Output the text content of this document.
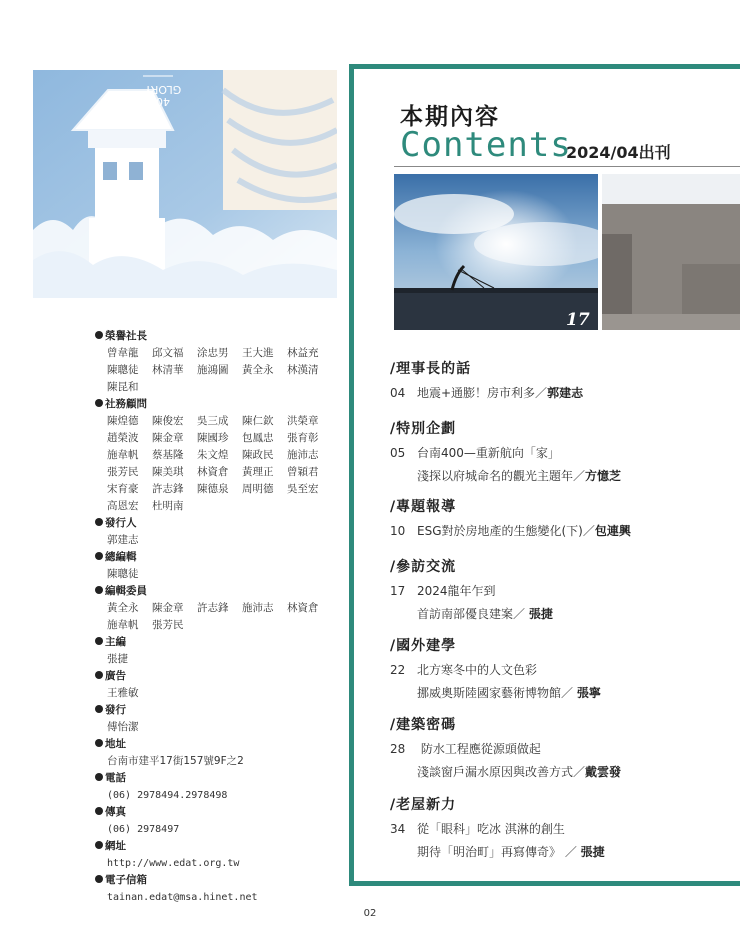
GLORY
40
榮譽社長
曾韋龍	邱文福	涂忠男	王大進	林益充
陳聰徒	林清華	施鴻圖	黃全永	林漢清
陳昆和
社務顧問
陳煌德	陳俊宏	吳三成	陳仁欽	洪榮章
趙榮波	陳金章	陳國珍	包鳳忠	張育彰
施韋帆	蔡基隆	朱文煌	陳政民	施沛志
張芳民	陳美琪	林資倉	黃理正	曾穎君
宋育豪	許志鋒	陳德泉	周明德	吳至宏
高恩宏	杜明南
發行人
郭建志
總編輯
陳聰徒
編輯委員
黃全永	陳金章	許志鋒	施沛志	林資倉
施韋帆	張芳民
主編
張捷
廣告
王雅敏
發行
傅怡潔
地址
台南市建平17街157號9F之2
電話
(06) 2978494.2978498
傳真
(06) 2978497
網址
http://www.edat.org.tw
電子信箱
tainan.edat@msa.hinet.net
本期內容
Contents
2024/04出刊
17
/理事長的話
04 地震+通膨！房市利多／郭建志
/特別企劃
05 台南400—重新航向「家」
淺探以府城命名的觀光主題年／方憶芝
/專題報導
10 ESG對於房地產的生態變化(下)／包連興
/參訪交流
17 2024龍年乍到
首訪南部優良建案／ 張捷
/國外建學
22 北方寒冬中的人文色彩
挪威奧斯陸國家藝術博物館／ 張寧
/建築密碼
28 防水工程應從源頭做起
淺談窗戶漏水原因與改善方式／戴雲發
/老屋新力
34 從「眼科」吃冰 淇淋的創生
期待「明治町」再寫傳奇》 ／ 張捷
02
